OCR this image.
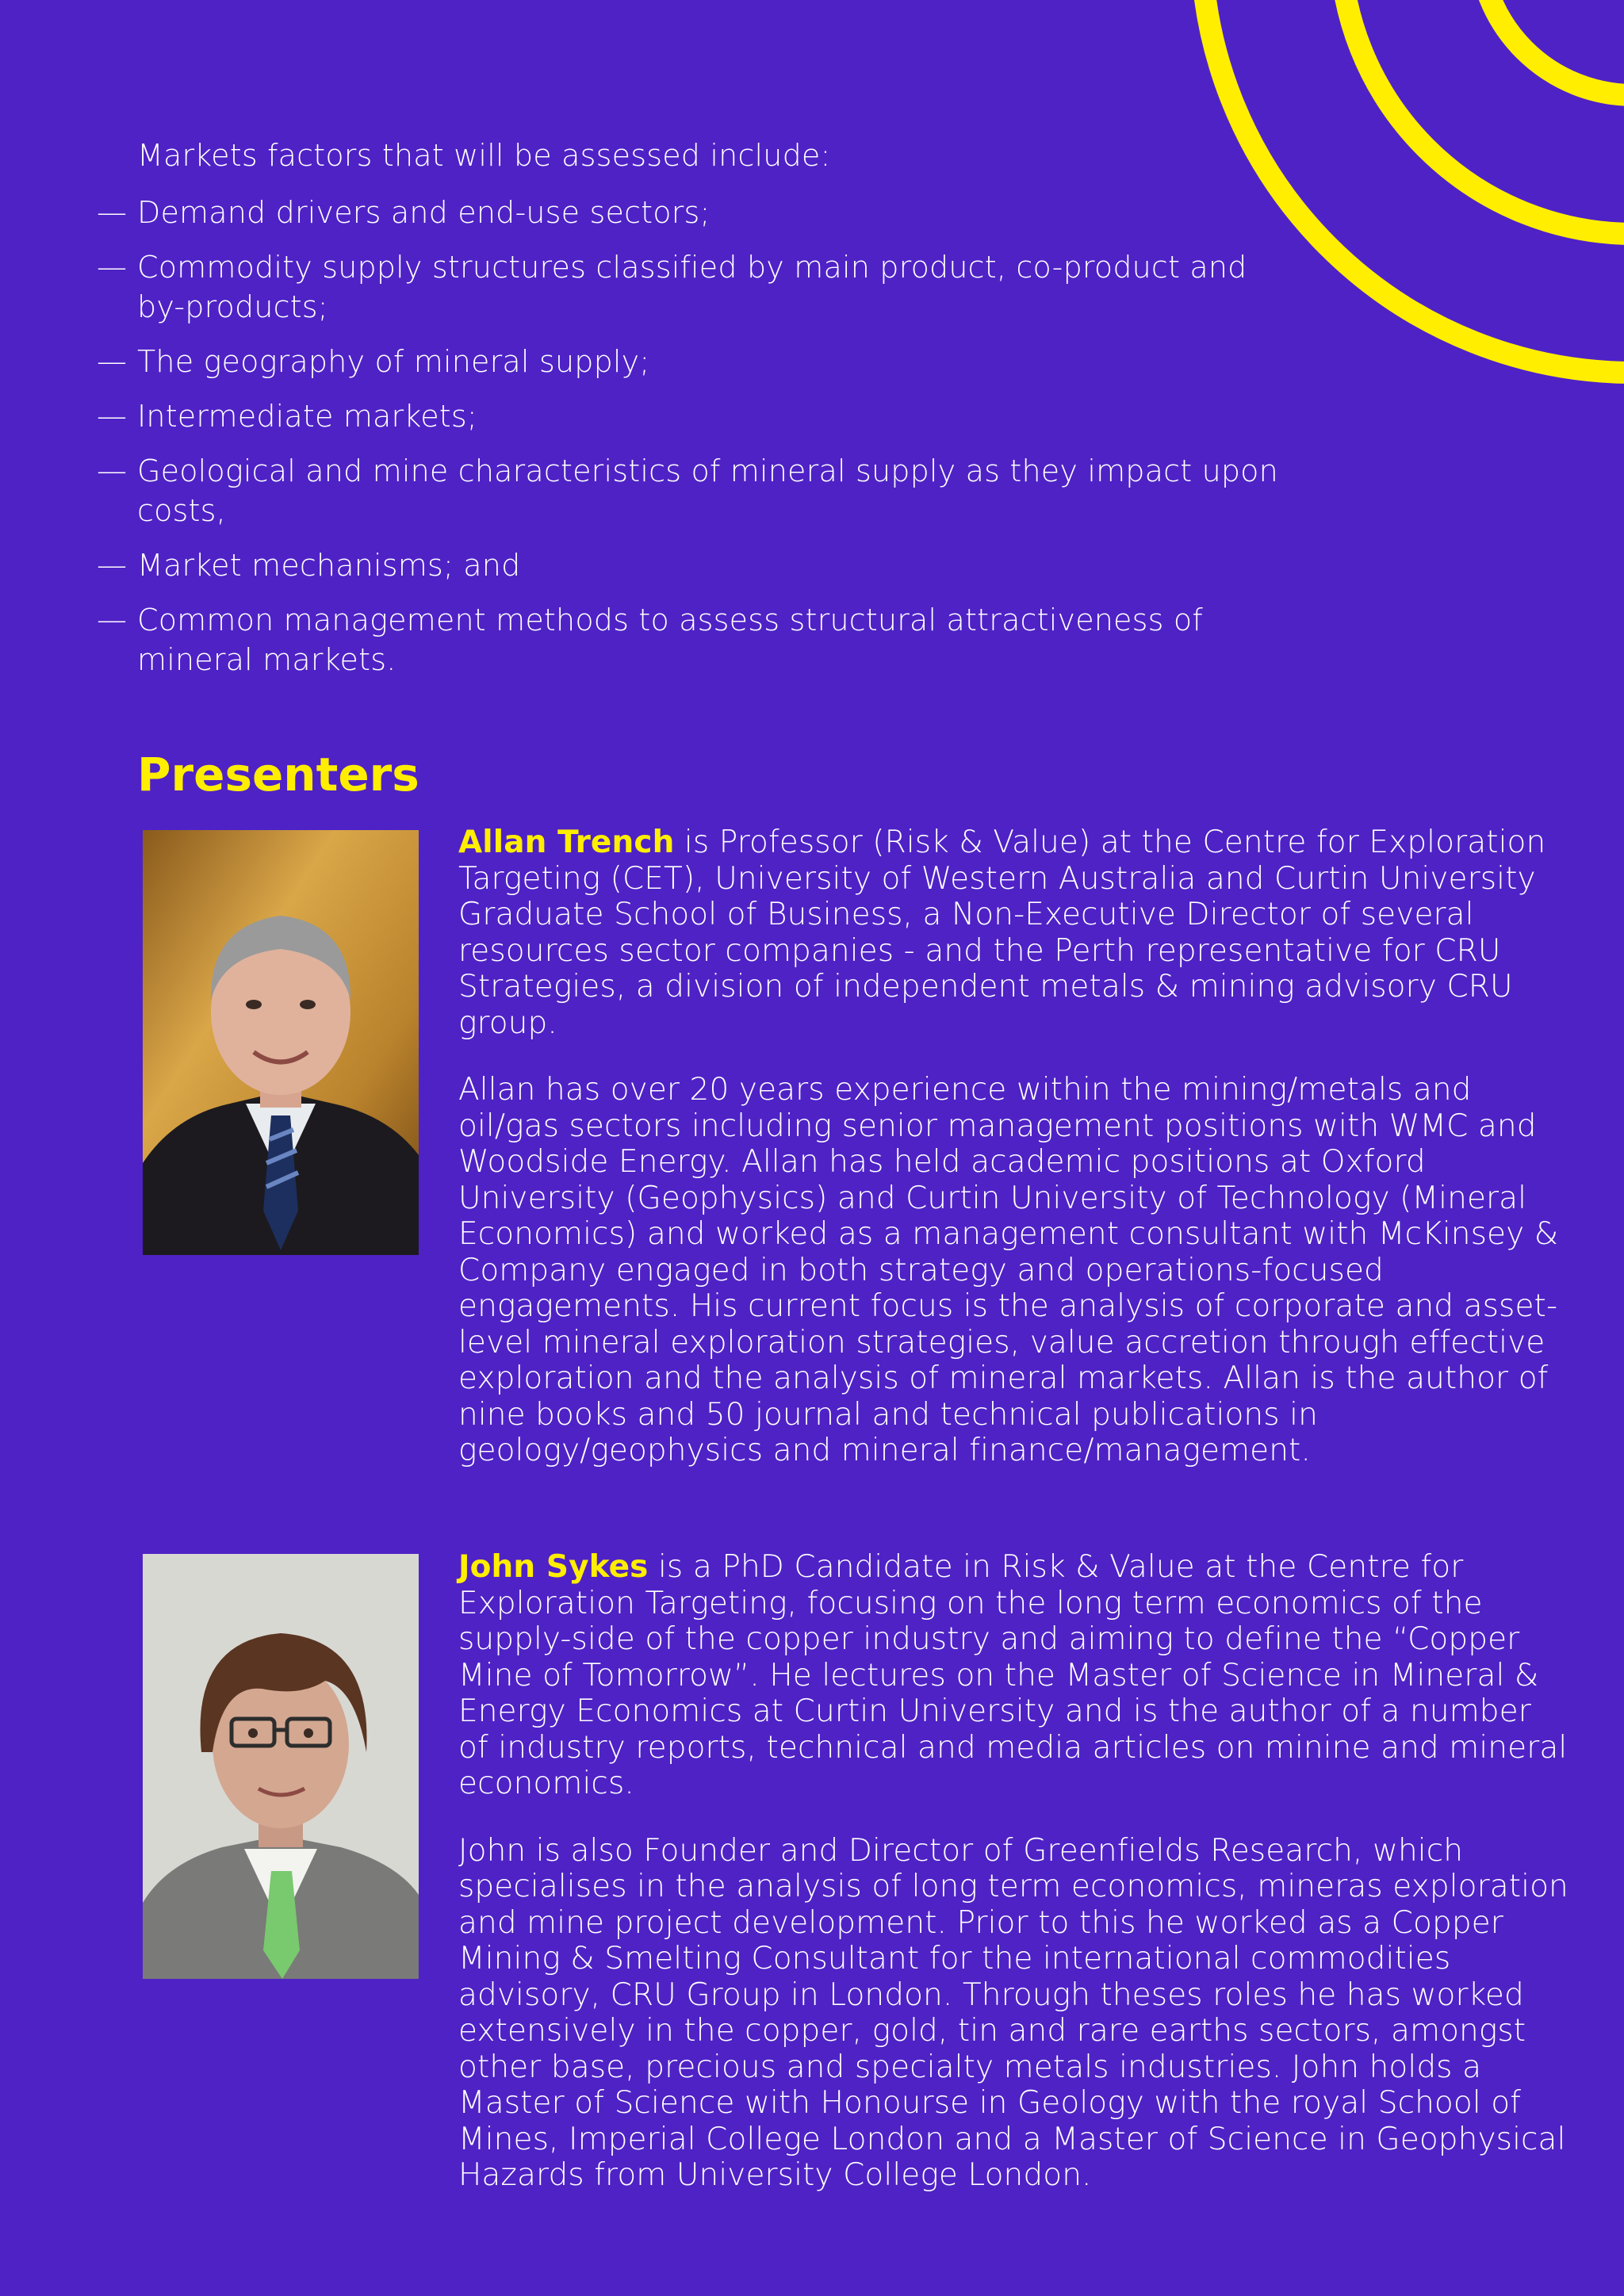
Markets factors that will be assessed include:

— Demand drivers and end-use sectors;
— Commodity supply structures classified by main product, co-product and by-products;
— The geography of mineral supply;
— Intermediate markets;
— Geological and mine characteristics of mineral supply as they impact upon costs,
— Market mechanisms; and
— Common management methods to assess structural attractiveness of mineral markets.
Presenters

Allan Trench is Professor (Risk & Value) at the Centre for Exploration Targeting (CET), University of Western Australia and Curtin University Graduate School of Business, a Non-Executive Director of several resources sector companies - and the Perth representative for CRU Strategies, a division of independent metals & mining advisory CRU group.

Allan has over 20 years experience within the mining/metals and oil/gas sectors including senior management positions with WMC and Woodside Energy. Allan has held academic positions at Oxford University (Geophysics) and Curtin University of Technology (Mineral Economics) and worked as a management consultant with McKinsey & Company engaged in both strategy and operations-focused engagements. His current focus is the analysis of corporate and asset-level mineral exploration strategies, value accretion through effective exploration and the analysis of mineral markets. Allan is the author of nine books and 50 journal and technical publications in geology/geophysics and mineral finance/management.

John Sykes is a PhD Candidate in Risk & Value at the Centre for Exploration Targeting, focusing on the long term economics of the supply-side of the copper industry and aiming to define the “Copper Mine of Tomorrow”. He lectures on the Master of Science in Mineral & Energy Economics at Curtin University and is the author of a number of industry reports, technical and media articles on minine and mineral economics.

John is also Founder and Director of Greenfields Research, which specialises in the analysis of long term economics, mineras exploration and mine project development. Prior to this he worked as a Copper Mining & Smelting Consultant for the international commodities advisory, CRU Group in London. Through theses roles he has worked extensively in the copper, gold, tin and rare earths sectors, amongst other base, precious and specialty metals industries. John holds a Master of Science with Honourse in Geology with the royal School of Mines, Imperial College London and a Master of Science in Geophysical Hazards from University College London.
